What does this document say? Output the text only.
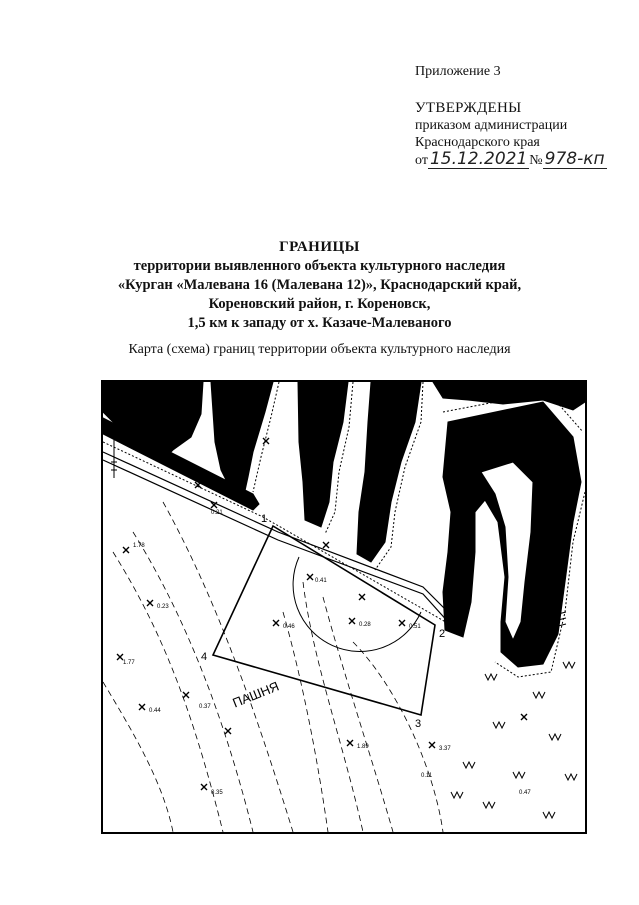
Приложение 3
УТВЕРЖДЕНЫ
приказом администрации
Краснодарского края
от 15.12.2021 № 978-кп
ГРАНИЦЫ
территории выявленного объекта культурного наследия
«Курган «Малевана 16 (Малевана 12)», Краснодарский край,
Кореновский район, г. Кореновск,
1,5 км к западу от х. Казаче-Малеваного
Карта (схема) границ территории объекта культурного наследия
1
2
3
4
ПАШНЯ
С
0.21
0.23
0.41
0.46	0.51
0.56
1.51
0.37
1.78
1.77
0.44
3.37
1.89
0.35	0.47
0.11
0.28
